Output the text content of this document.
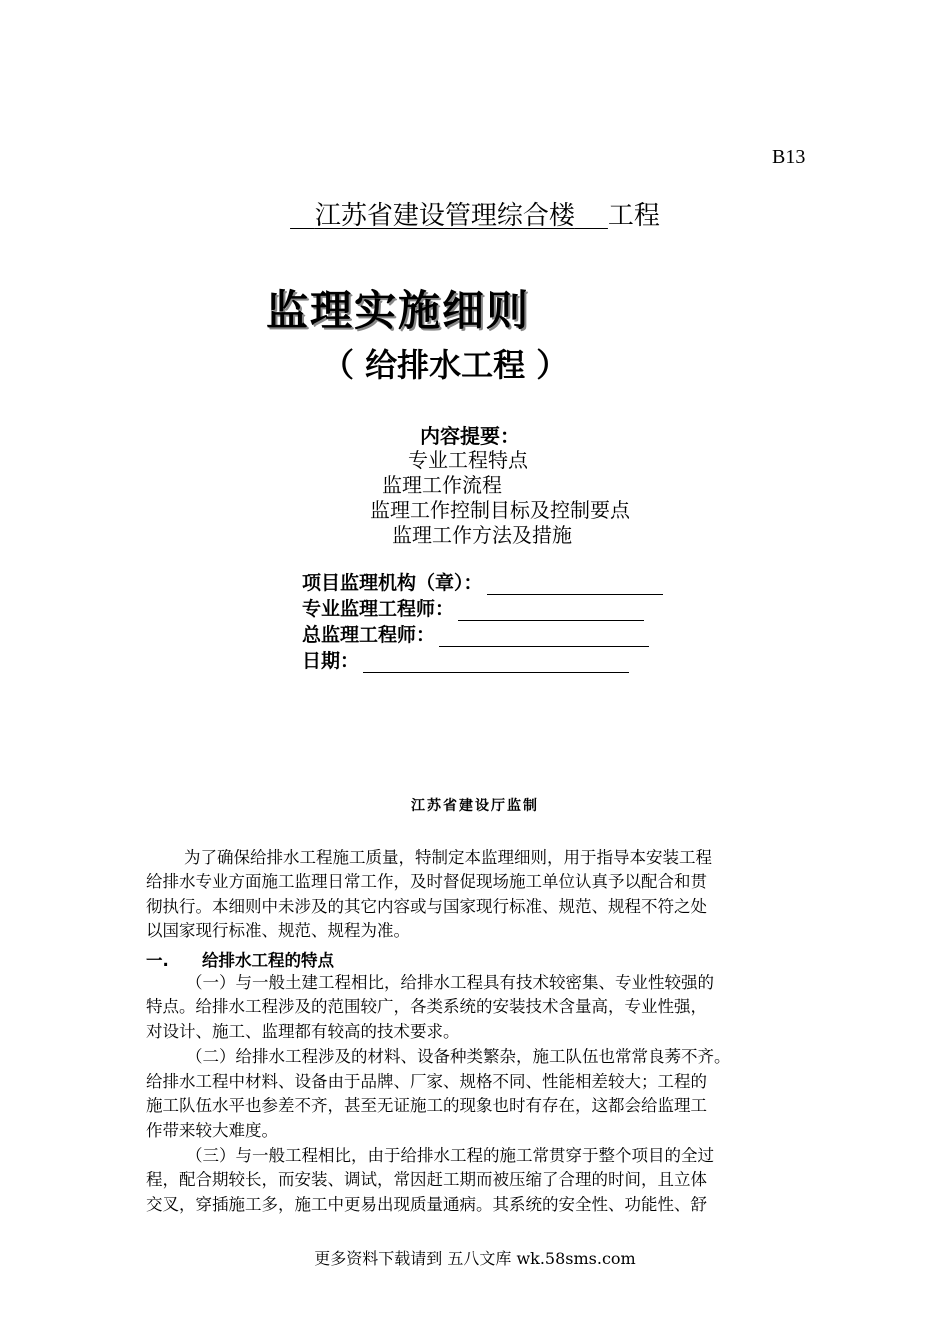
B13
江苏省建设管理综合楼 工程
监理实施细则
（ 给排水工程 ）
内容提要：
专业工程特点
监理工作流程
监理工作控制目标及控制要点
监理工作方法及措施
项目监理机构（章）：
专业监理工程师：
总监理工程师：
日期：
江苏省建设厅监制
为了确保给排水工程施工质量，特制定本监理细则，用于指导本安装工程
给排水专业方面施工监理日常工作，及时督促现场施工单位认真予以配合和贯
彻执行。本细则中未涉及的其它内容或与国家现行标准、规范、规程不符之处
以国家现行标准、规范、规程为准。
一. 给排水工程的特点
（一）与一般土建工程相比，给排水工程具有技术较密集、专业性较强的
特点。给排水工程涉及的范围较广，各类系统的安装技术含量高，专业性强，
对设计、施工、监理都有较高的技术要求。
（二）给排水工程涉及的材料、设备种类繁杂，施工队伍也常常良莠不齐。
给排水工程中材料、设备由于品牌、厂家、规格不同、性能相差较大；工程的
施工队伍水平也参差不齐，甚至无证施工的现象也时有存在，这都会给监理工
作带来较大难度。
（三）与一般工程相比，由于给排水工程的施工常贯穿于整个项目的全过
程，配合期较长，而安装、调试，常因赶工期而被压缩了合理的时间，且立体
交叉，穿插施工多，施工中更易出现质量通病。其系统的安全性、功能性、舒
更多资料下载请到 五八文库 wk.58sms.com
